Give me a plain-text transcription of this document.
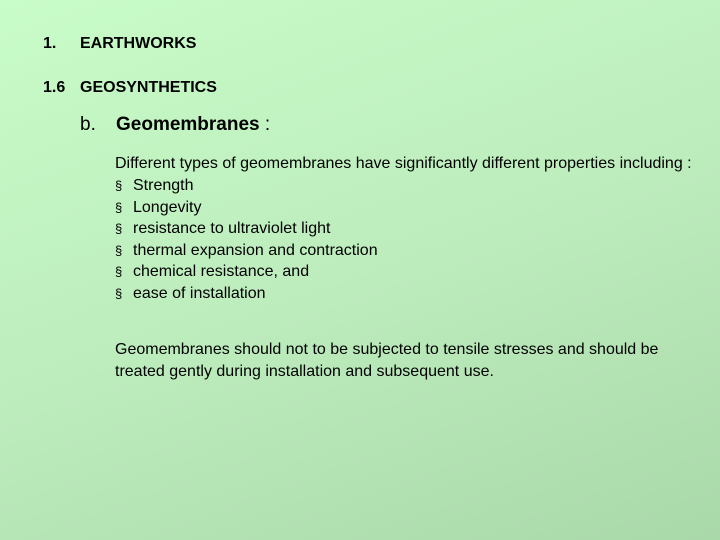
1. EARTHWORKS
1.6 GEOSYNTHETICS
b. Geomembranes :

Different types of geomembranes have significantly different properties including :

§ Strength
§ Longevity
§ resistance to ultraviolet light
§ thermal expansion and contraction
§ chemical resistance, and
§ ease of installation

Geomembranes should not to be subjected to tensile stresses and should be treated gently during installation and subsequent use.
